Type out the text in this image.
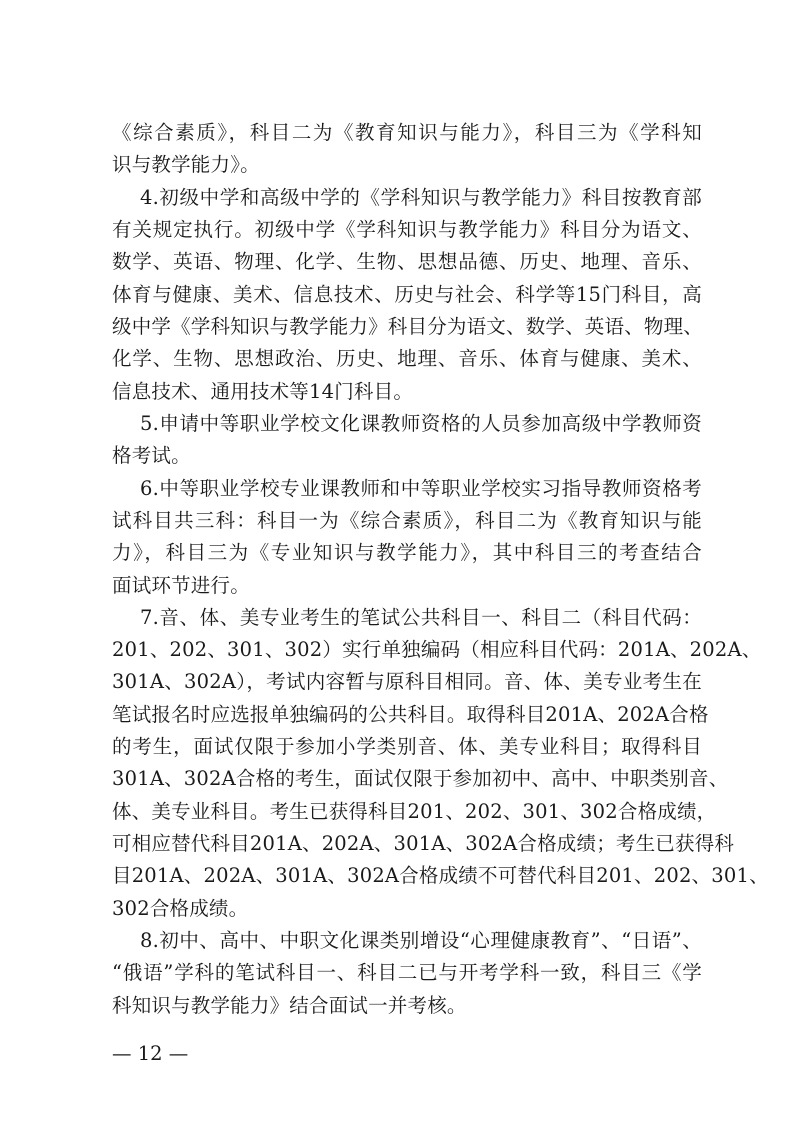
《综合素质》，科目二为《教育知识与能力》，科目三为《学科知
识与教学能力》。
4.初级中学和高级中学的《学科知识与教学能力》科目按教育部
有关规定执行。初级中学《学科知识与教学能力》科目分为语文、
数学、英语、物理、化学、生物、思想品德、历史、地理、音乐、
体育与健康、美术、信息技术、历史与社会、科学等15门科目，高
级中学《学科知识与教学能力》科目分为语文、数学、英语、物理、
化学、生物、思想政治、历史、地理、音乐、体育与健康、美术、
信息技术、通用技术等14门科目。
5.申请中等职业学校文化课教师资格的人员参加高级中学教师资
格考试。
6.中等职业学校专业课教师和中等职业学校实习指导教师资格考
试科目共三科：科目一为《综合素质》，科目二为《教育知识与能
力》，科目三为《专业知识与教学能力》，其中科目三的考查结合
面试环节进行。
7.音、体、美专业考生的笔试公共科目一、科目二（科目代码：
201、202、301、302）实行单独编码（相应科目代码：201A、202A、
301A、302A），考试内容暂与原科目相同。音、体、美专业考生在
笔试报名时应选报单独编码的公共科目。取得科目201A、202A合格
的考生，面试仅限于参加小学类别音、体、美专业科目；取得科目
301A、302A合格的考生，面试仅限于参加初中、高中、中职类别音、
体、美专业科目。考生已获得科目201、202、301、302合格成绩，
可相应替代科目201A、202A、301A、302A合格成绩；考生已获得科
目201A、202A、301A、302A合格成绩不可替代科目201、202、301、
302合格成绩。
8.初中、高中、中职文化课类别增设“心理健康教育”、“日语”、
“俄语”学科的笔试科目一、科目二已与开考学科一致，科目三《学
科知识与教学能力》结合面试一并考核。
— 12 —
